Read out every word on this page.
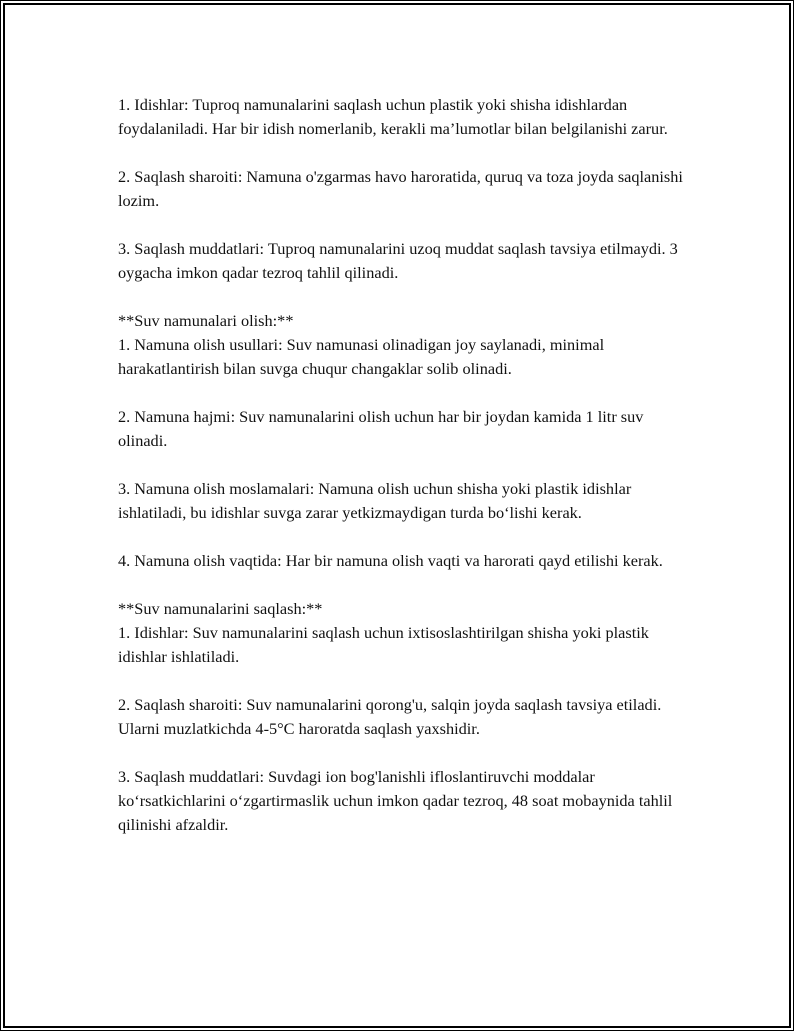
1. Idishlar: Tuproq namunalarini saqlash uchun plastik yoki shisha idishlardan foydalaniladi. Har bir idish nomerlanib, kerakli ma’lumotlar bilan belgilanishi zarur.

2. Saqlash sharoiti: Namuna o'zgarmas havo haroratida, quruq va toza joyda saqlanishi lozim.

3. Saqlash muddatlari: Tuproq namunalarini uzoq muddat saqlash tavsiya etilmaydi. 3 oygacha imkon qadar tezroq tahlil qilinadi.

**Suv namunalari olish:**

1. Namuna olish usullari: Suv namunasi olinadigan joy saylanadi, minimal harakatlantirish bilan suvga chuqur changaklar solib olinadi.

2. Namuna hajmi: Suv namunalarini olish uchun har bir joydan kamida 1 litr suv olinadi.

3. Namuna olish moslamalari: Namuna olish uchun shisha yoki plastik idishlar ishlatiladi, bu idishlar suvga zarar yetkizmaydigan turda bo‘lishi kerak.

4. Namuna olish vaqtida: Har bir namuna olish vaqti va harorati qayd etilishi kerak.

**Suv namunalarini saqlash:**

1. Idishlar: Suv namunalarini saqlash uchun ixtisoslashtirilgan shisha yoki plastik idishlar ishlatiladi.

2. Saqlash sharoiti: Suv namunalarini qorong'u, salqin joyda saqlash tavsiya etiladi. Ularni muzlatkichda 4-5°C haroratda saqlash yaxshidir.

3. Saqlash muddatlari: Suvdagi ion bog'lanishli ifloslantiruvchi moddalar ko‘rsatkichlarini o‘zgartirmaslik uchun imkon qadar tezroq, 48 soat mobaynida tahlil qilinishi afzaldir.
